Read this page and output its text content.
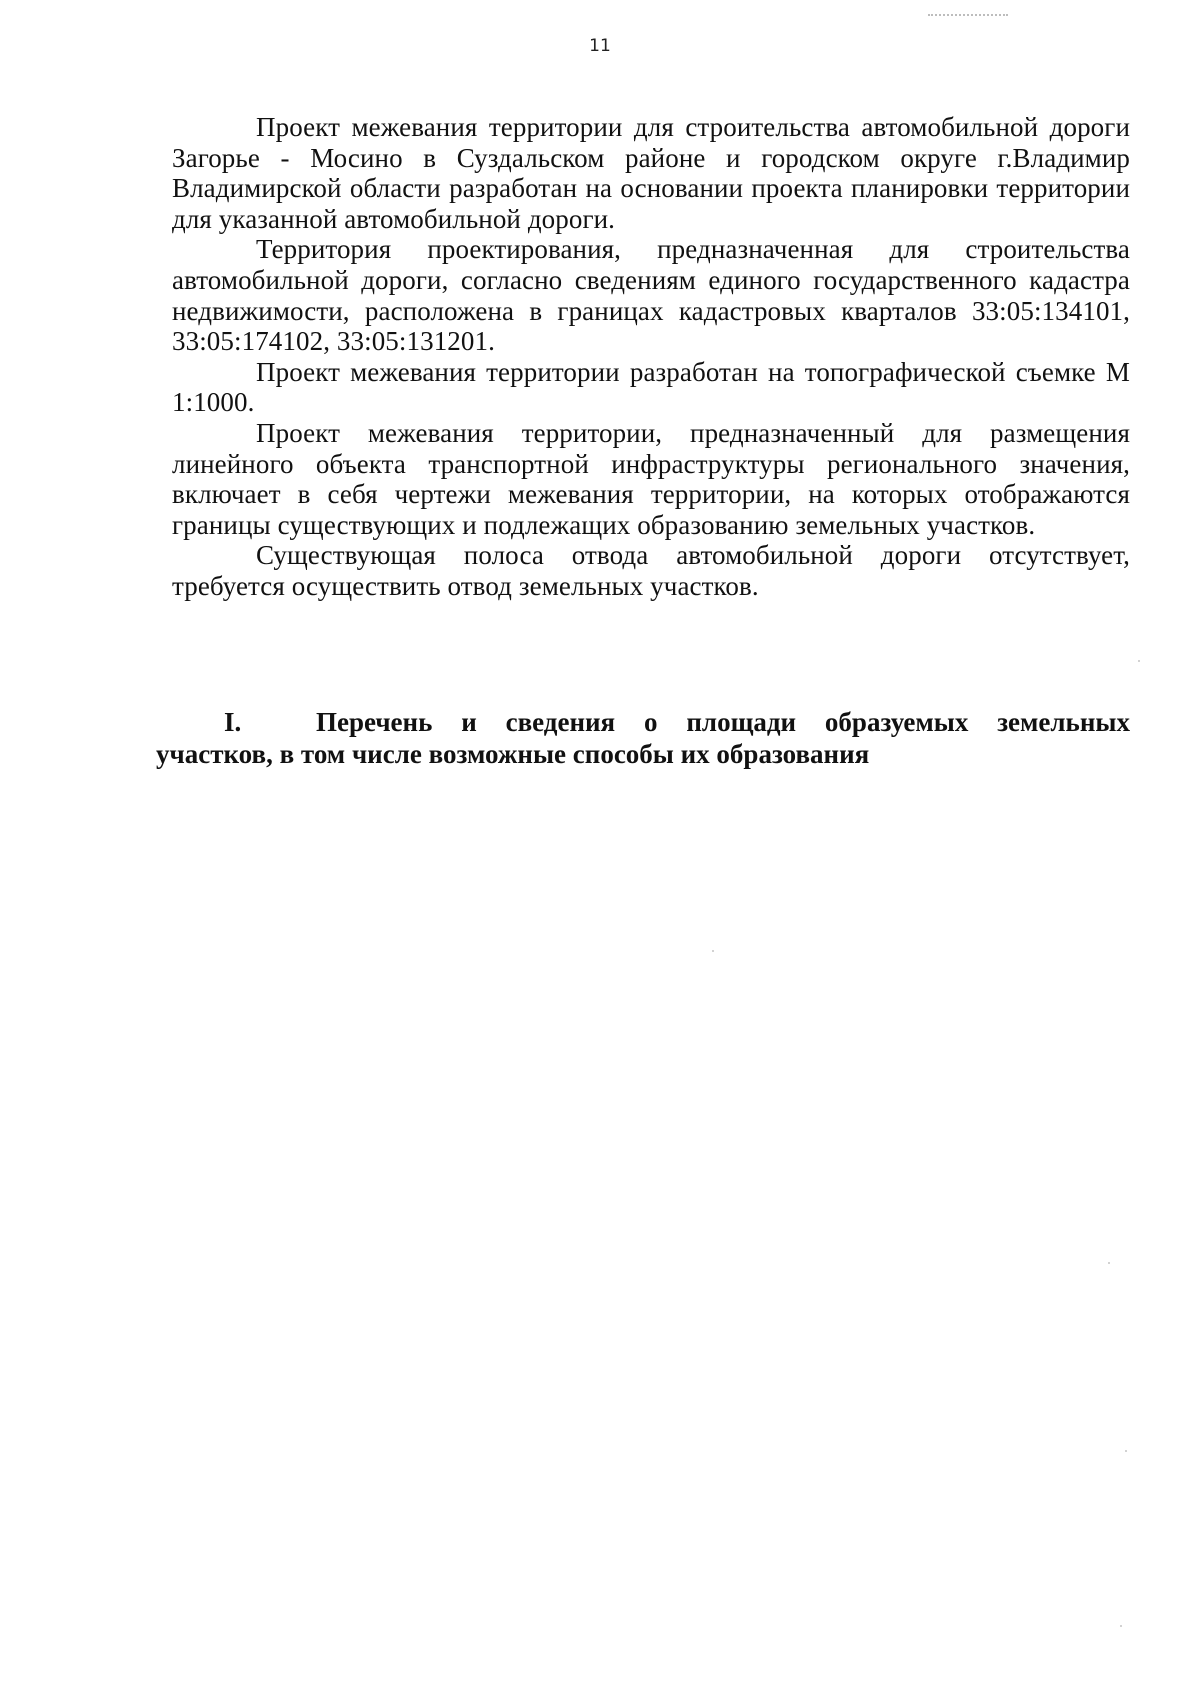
11

Проект межевания территории для строительства автомобильной дороги Загорье - Мосино в Суздальском районе и городском округе г.Владимир Владимирской области разработан на основании проекта планировки территории для указанной автомобильной дороги.

Территория проектирования, предназначенная для строительства автомобильной дороги, согласно сведениям единого государственного кадастра недвижимости, расположена в границах кадастровых кварталов 33:05:134101, 33:05:174102, 33:05:131201.

Проект межевания территории разработан на топографической съемке М 1:1000.

Проект межевания территории, предназначенный для размещения линейного объекта транспортной инфраструктуры регионального значения, включает в себя чертежи межевания территории, на которых отображаются границы существующих и подлежащих образованию земельных участков.

Существующая полоса отвода автомобильной дороги отсутствует, требуется осуществить отвод земельных участков.

I.	Перечень и сведения о площади образуемых земельных
участков, в том числе возможные способы их образования
